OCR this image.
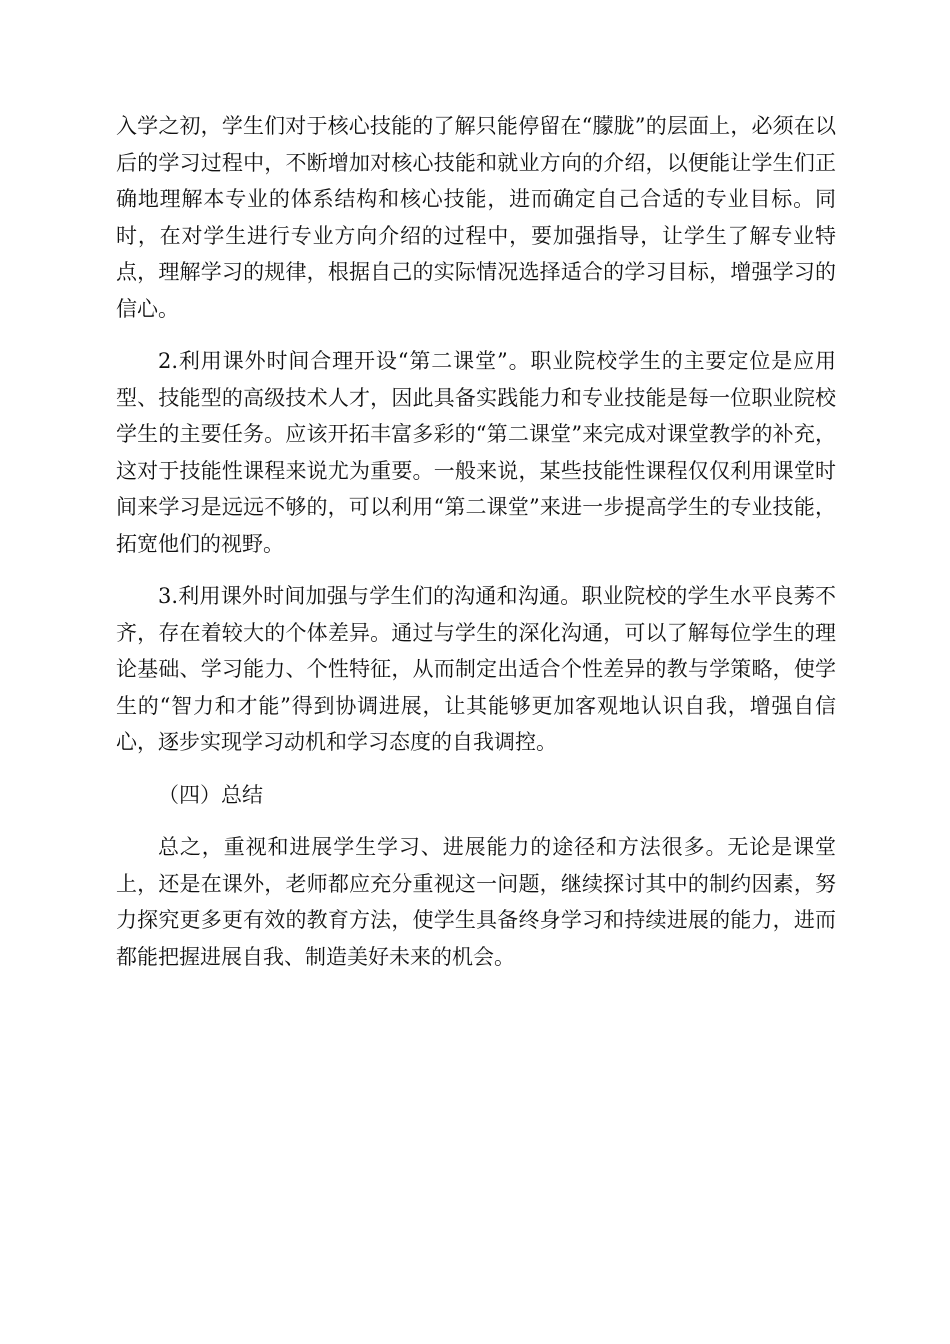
入学之初，学生们对于核心技能的了解只能停留在“朦胧”的层面上，必须在以后的学习过程中，不断增加对核心技能和就业方向的介绍，以便能让学生们正确地理解本专业的体系结构和核心技能，进而确定自己合适的专业目标。同时，在对学生进行专业方向介绍的过程中，要加强指导，让学生了解专业特点，理解学习的规律，根据自己的实际情况选择适合的学习目标，增强学习的信心。

2.利用课外时间合理开设“第二课堂”。职业院校学生的主要定位是应用型、技能型的高级技术人才，因此具备实践能力和专业技能是每一位职业院校学生的主要任务。应该开拓丰富多彩的“第二课堂”来完成对课堂教学的补充，这对于技能性课程来说尤为重要。一般来说，某些技能性课程仅仅利用课堂时间来学习是远远不够的，可以利用“第二课堂”来进一步提高学生的专业技能，拓宽他们的视野。

3.利用课外时间加强与学生们的沟通和沟通。职业院校的学生水平良莠不齐，存在着较大的个体差异。通过与学生的深化沟通，可以了解每位学生的理论基础、学习能力、个性特征，从而制定出适合个性差异的教与学策略，使学生的“智力和才能”得到协调进展，让其能够更加客观地认识自我，增强自信心，逐步实现学习动机和学习态度的自我调控。

（四）总结

总之，重视和进展学生学习、进展能力的途径和方法很多。无论是课堂上，还是在课外，老师都应充分重视这一问题，继续探讨其中的制约因素，努力探究更多更有效的教育方法，使学生具备终身学习和持续进展的能力，进而都能把握进展自我、制造美好未来的机会。
